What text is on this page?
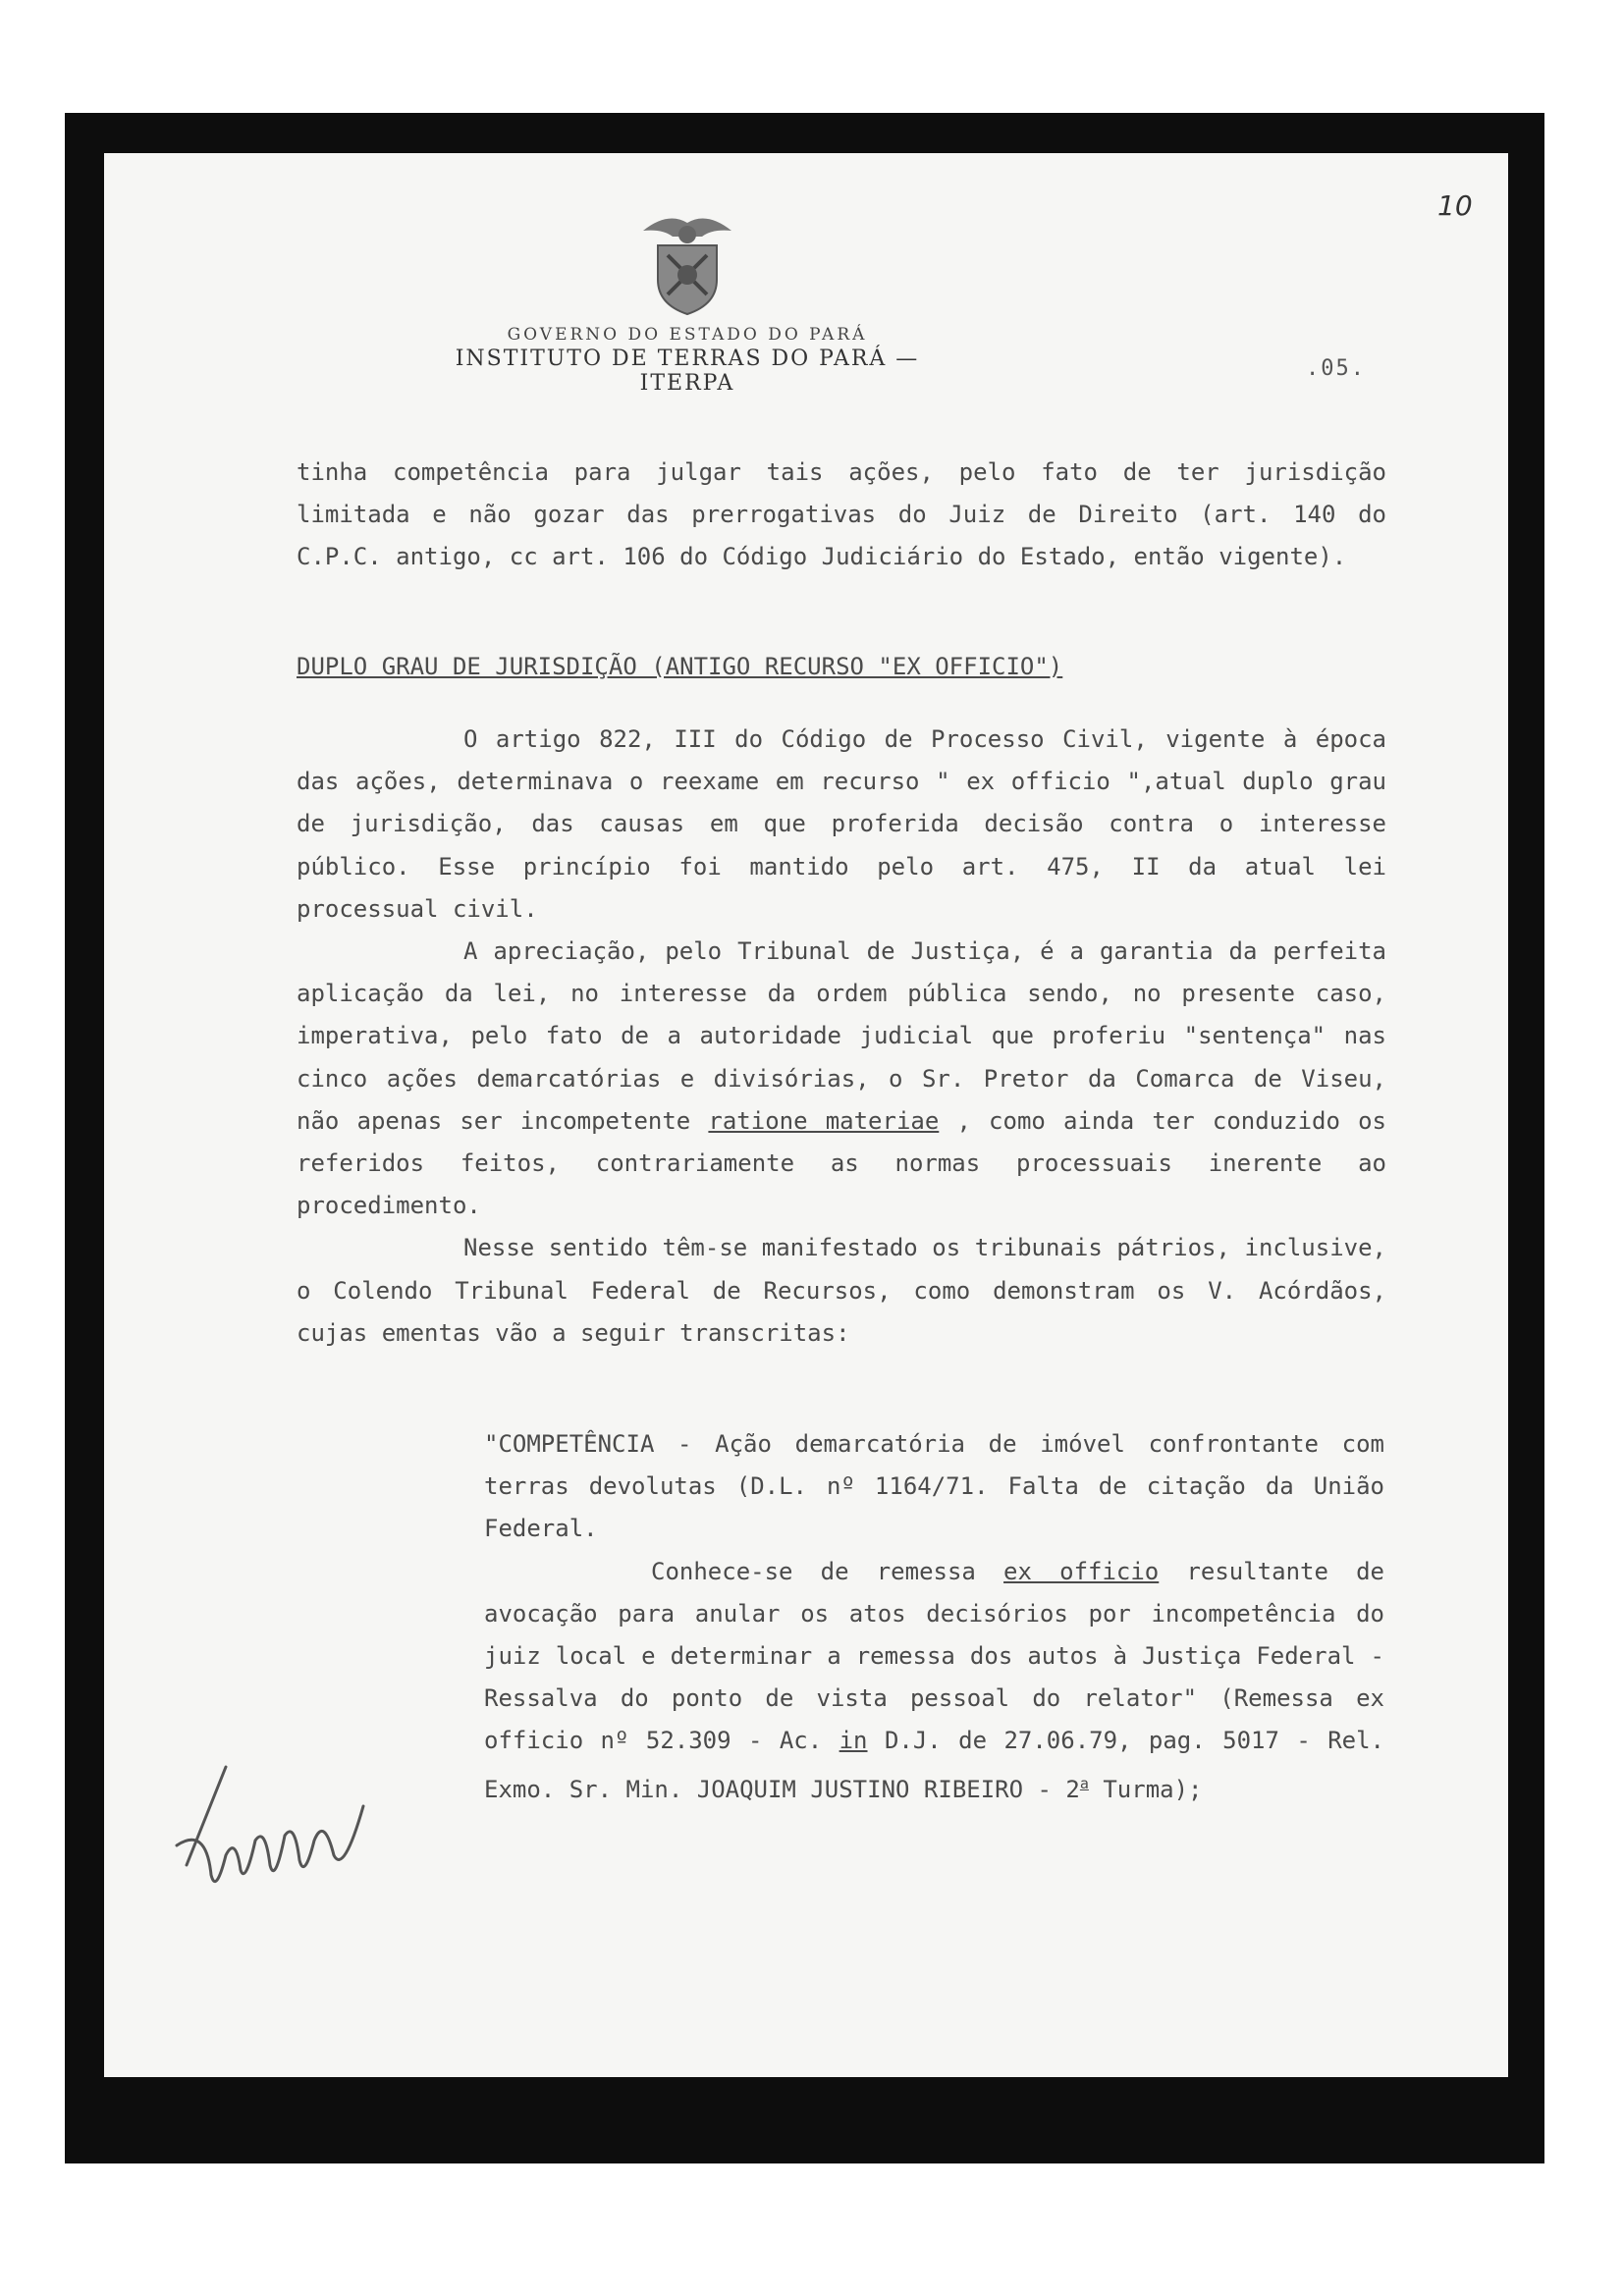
10
GOVERNO DO ESTADO DO PARÁ
INSTITUTO DE TERRAS DO PARÁ — ITERPA
.05.

tinha competência para julgar tais ações, pelo fato de ter jurisdição limitada e não gozar das prerrogativas do Juiz de Direito (art. 140 do C.P.C. antigo, cc art. 106 do Código Judiciário do Estado, então vigente).

DUPLO GRAU DE JURISDIÇÃO (ANTIGO RECURSO "EX OFFICIO")

O artigo 822, III do Código de Processo Civil, vigente à época das ações, determinava o reexame em recurso " ex officio ",atual duplo grau de jurisdição, das causas em que proferida decisão contra o interesse público. Esse princípio foi mantido pelo art. 475, II da atual lei processual civil.

A apreciação, pelo Tribunal de Justiça, é a garantia da perfeita aplicação da lei, no interesse da ordem pública sendo, no presente caso, imperativa, pelo fato de a autoridade judicial que proferiu "sentença" nas cinco ações demarcatórias e divisórias, o Sr. Pretor da Comarca de Viseu, não apenas ser incompetente ratione materiae , como ainda ter conduzido os referidos feitos, contrariamente as normas processuais inerente ao procedimento.

Nesse sentido têm-se manifestado os tribunais pátrios, inclusive, o Colendo Tribunal Federal de Recursos, como demonstram os V. Acórdãos, cujas ementas vão a seguir transcritas:

"COMPETÊNCIA - Ação demarcatória de imóvel confrontante com terras devolutas (D.L. nº 1164/71. Falta de citação da União Federal.

Conhece-se de remessa ex officio resultante de avocação para anular os atos decisórios por incompetência do juiz local e determinar a remessa dos autos à Justiça Federal - Ressalva do ponto de vista pessoal do relator" (Remessa ex officio nº 52.309 - Ac. in D.J. de 27.06.79, pag. 5017 - Rel. Exmo. Sr. Min. JOAQUIM JUSTINO RIBEIRO - 2$^a$ Turma);
